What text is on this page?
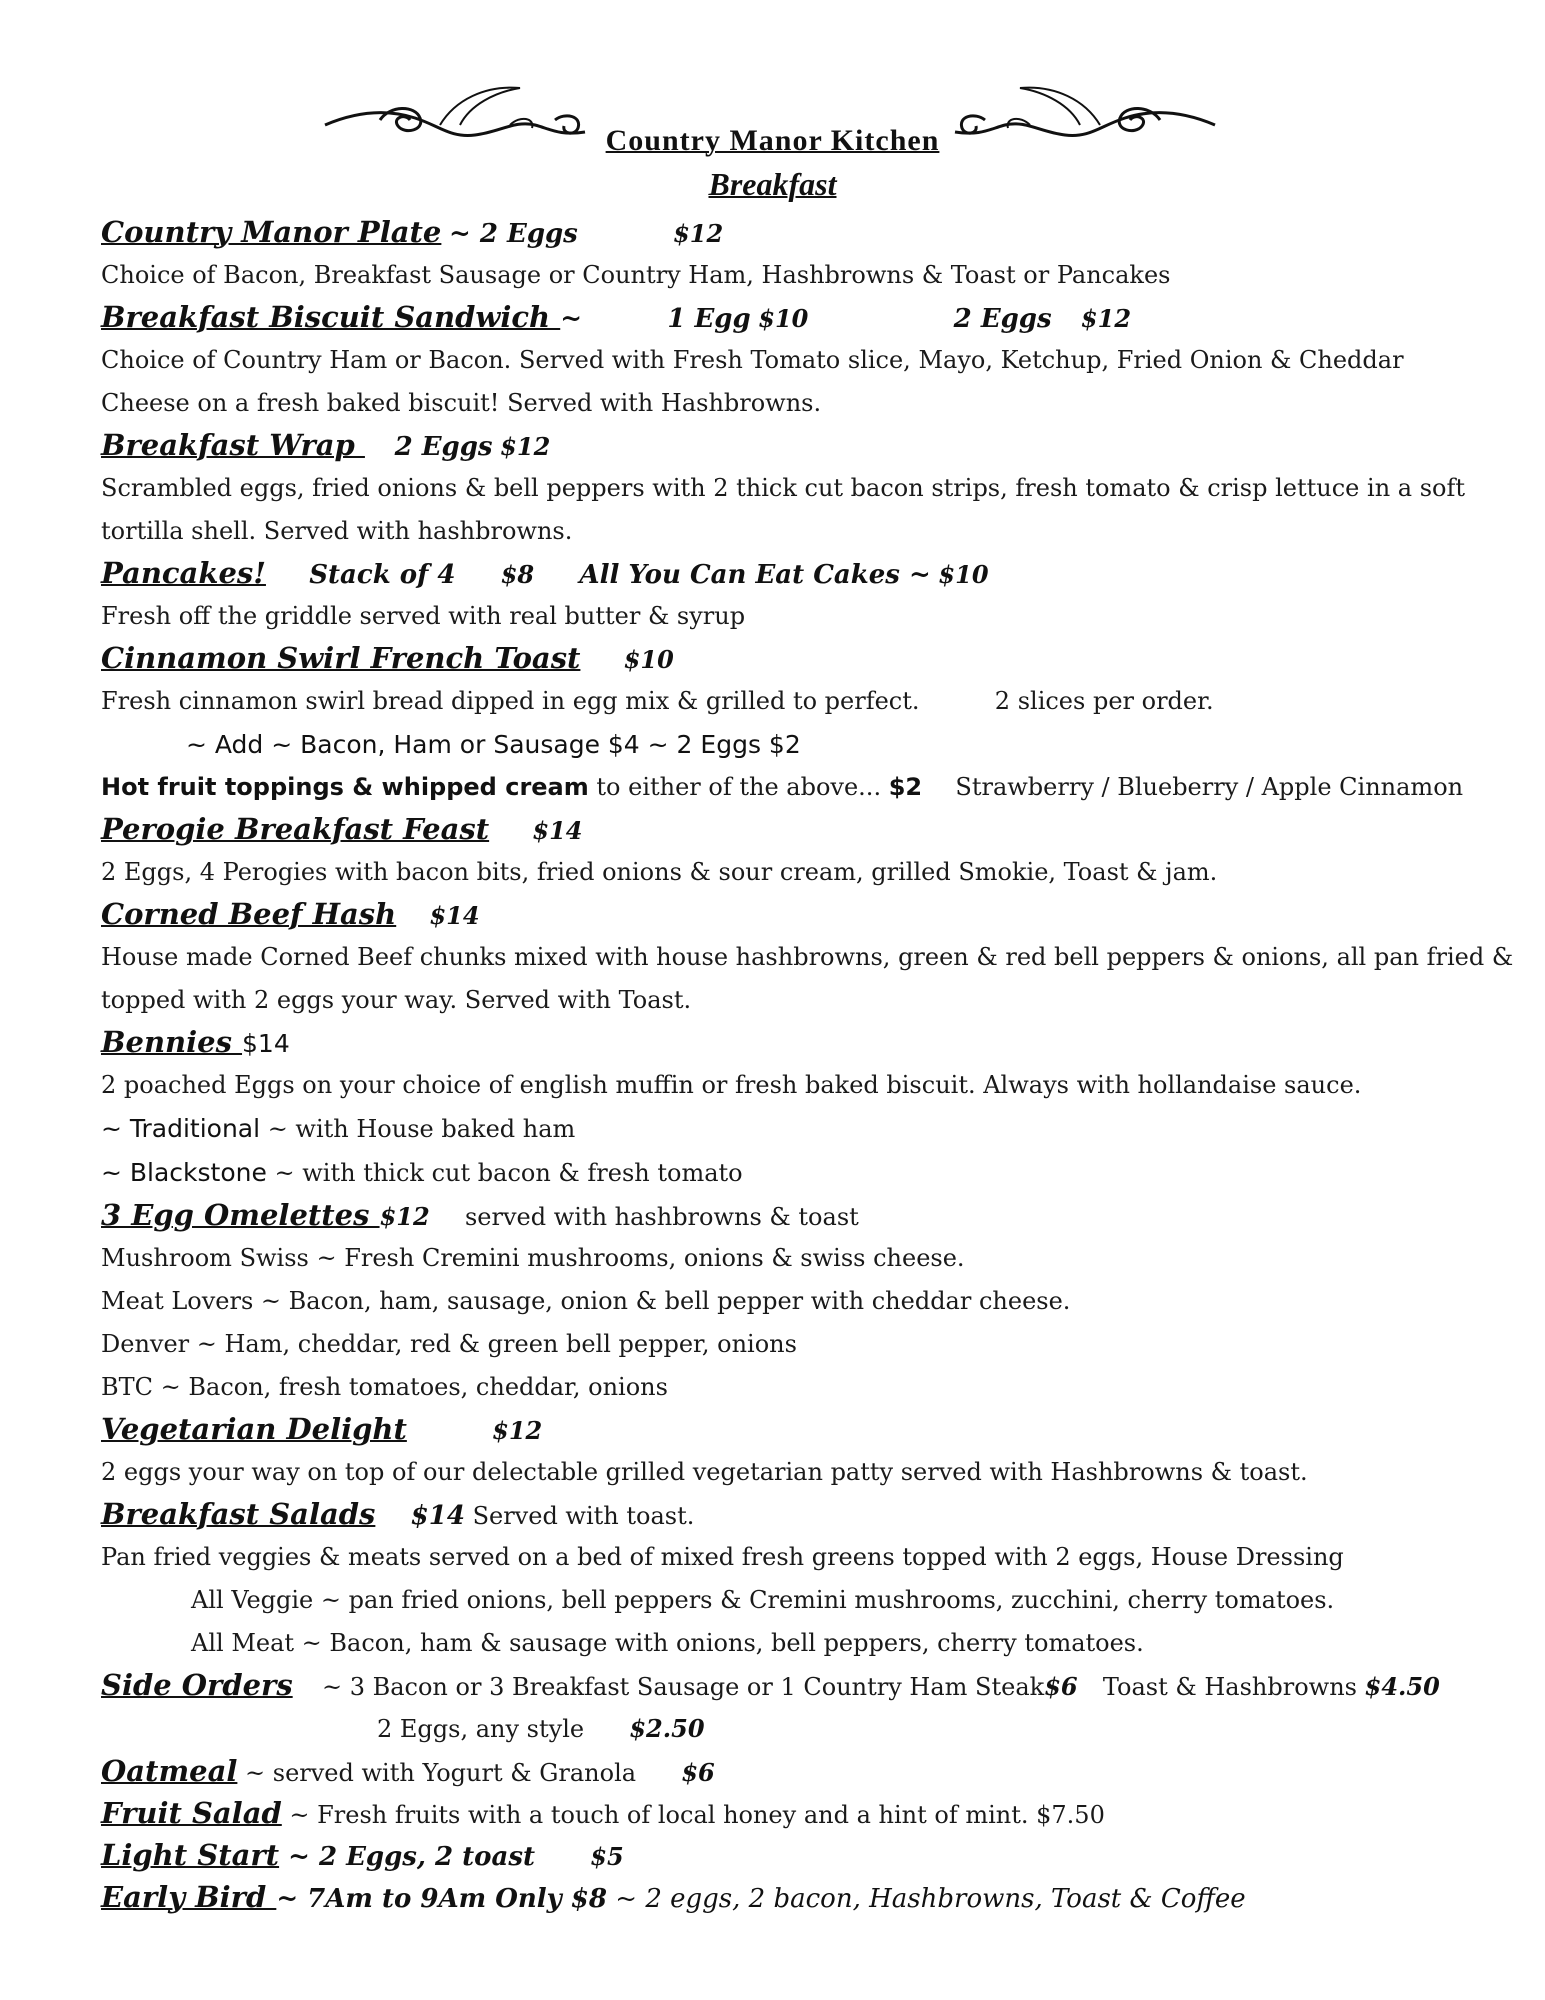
Country Manor Kitchen
Breakfast
Country Manor Plate ~ 2 Eggs	$12
Choice of Bacon, Breakfast Sausage or Country Ham, Hashbrowns & Toast or Pancakes
Breakfast Biscuit Sandwich ~	1 Egg $10	2 Eggs $12
Choice of Country Ham or Bacon. Served with Fresh Tomato slice, Mayo, Ketchup, Fried Onion & Cheddar
Cheese on a fresh baked biscuit! Served with Hashbrowns.
Breakfast Wrap  2 Eggs $12
Scrambled eggs, fried onions & bell peppers with 2 thick cut bacon strips, fresh tomato & crisp lettuce in a soft
tortilla shell. Served with hashbrowns.
Pancakes! Stack of 4 $8 All You Can Eat Cakes ~ $10
Fresh off the griddle served with real butter & syrup
Cinnamon Swirl French Toast $10
Fresh cinnamon swirl bread dipped in egg mix & grilled to perfect.	2 slices per order.
~ Add ~ Bacon, Ham or Sausage $4 ~ 2 Eggs $2
Hot fruit toppings & whipped cream to either of the above... $2 Strawberry / Blueberry / Apple Cinnamon
Perogie Breakfast Feast $14
2 Eggs, 4 Perogies with bacon bits, fried onions & sour cream, grilled Smokie, Toast & jam.
Corned Beef Hash $14
House made Corned Beef chunks mixed with house hashbrowns, green & red bell peppers & onions, all pan fried &
topped with 2 eggs your way. Served with Toast.
Bennies $14
2 poached Eggs on your choice of english muffin or fresh baked biscuit. Always with hollandaise sauce.
~ Traditional ~ with House baked ham
~ Blackstone ~ with thick cut bacon & fresh tomato
3 Egg Omelettes $12 served with hashbrowns & toast
Mushroom Swiss ~ Fresh Cremini mushrooms, onions & swiss cheese.
Meat Lovers ~ Bacon, ham, sausage, onion & bell pepper with cheddar cheese.
Denver ~ Ham, cheddar, red & green bell pepper, onions
BTC ~ Bacon, fresh tomatoes, cheddar, onions
Vegetarian Delight	$12
2 eggs your way on top of our delectable grilled vegetarian patty served with Hashbrowns & toast.
Breakfast Salads $14 Served with toast.
Pan fried veggies & meats served on a bed of mixed fresh greens topped with 2 eggs, House Dressing
All Veggie ~ pan fried onions, bell peppers & Cremini mushrooms, zucchini, cherry tomatoes.
All Meat ~ Bacon, ham & sausage with onions, bell peppers, cherry tomatoes.
Side Orders ~ 3 Bacon or 3 Breakfast Sausage or 1 Country Ham Steak$6 Toast & Hashbrowns $4.50
2 Eggs, any style $2.50
Oatmeal ~ served with Yogurt & Granola $6
Fruit Salad ~ Fresh fruits with a touch of local honey and a hint of mint. $7.50
Light Start ~ 2 Eggs, 2 toast $5
Early Bird ~ 7Am to 9Am Only $8 ~ 2 eggs, 2 bacon, Hashbrowns, Toast & Coffee
